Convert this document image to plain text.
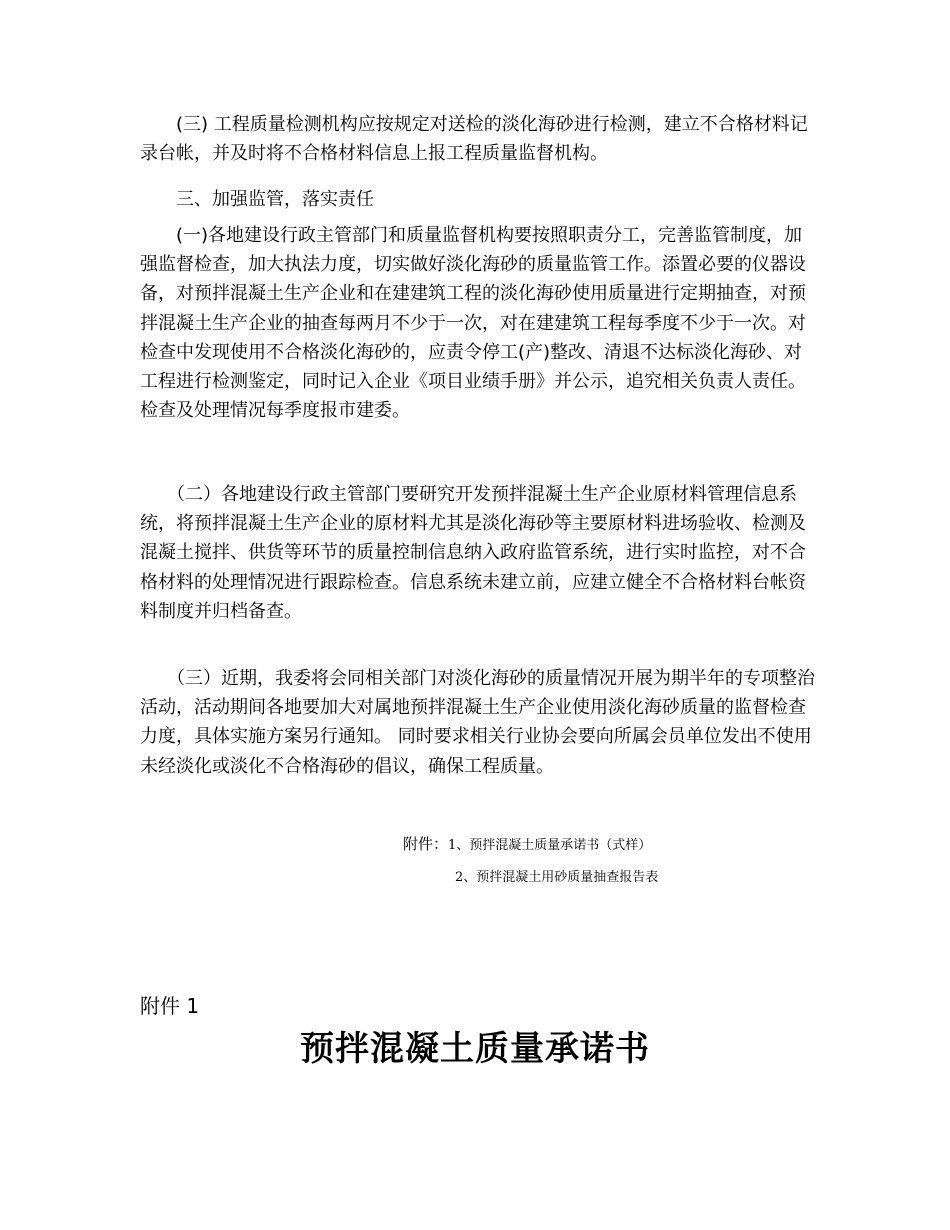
　　(三) 工程质量检测机构应按规定对送检的淡化海砂进行检测，建立不合格材料记录台帐，并及时将不合格材料信息上报工程质量监督机构。

　　三、加强监管，落实责任

　　(一)各地建设行政主管部门和质量监督机构要按照职责分工，完善监管制度，加强监督检查，加大执法力度，切实做好淡化海砂的质量监管工作。添置必要的仪器设备，对预拌混凝土生产企业和在建建筑工程的淡化海砂使用质量进行定期抽查，对预拌混凝土生产企业的抽查每两月不少于一次，对在建建筑工程每季度不少于一次。对检查中发现使用不合格淡化海砂的，应责令停工(产)整改、清退不达标淡化海砂、对工程进行检测鉴定，同时记入企业《项目业绩手册》并公示，追究相关负责人责任。检查及处理情况每季度报市建委。

　　（二）各地建设行政主管部门要研究开发预拌混凝土生产企业原材料管理信息系统，将预拌混凝土生产企业的原材料尤其是淡化海砂等主要原材料进场验收、检测及混凝土搅拌、供货等环节的质量控制信息纳入政府监管系统，进行实时监控，对不合格材料的处理情况进行跟踪检查。信息系统未建立前，应建立健全不合格材料台帐资料制度并归档备查。

　　（三）近期，我委将会同相关部门对淡化海砂的质量情况开展为期半年的专项整治活动，活动期间各地要加大对属地预拌混凝土生产企业使用淡化海砂质量的监督检查力度，具体实施方案另行通知。 同时要求相关行业协会要向所属会员单位发出不使用未经淡化或淡化不合格海砂的倡议，确保工程质量。

附件：1、预拌混凝土质量承诺书（式样）

2、预拌混凝土用砂质量抽查报告表

附件 1

预拌混凝土质量承诺书
